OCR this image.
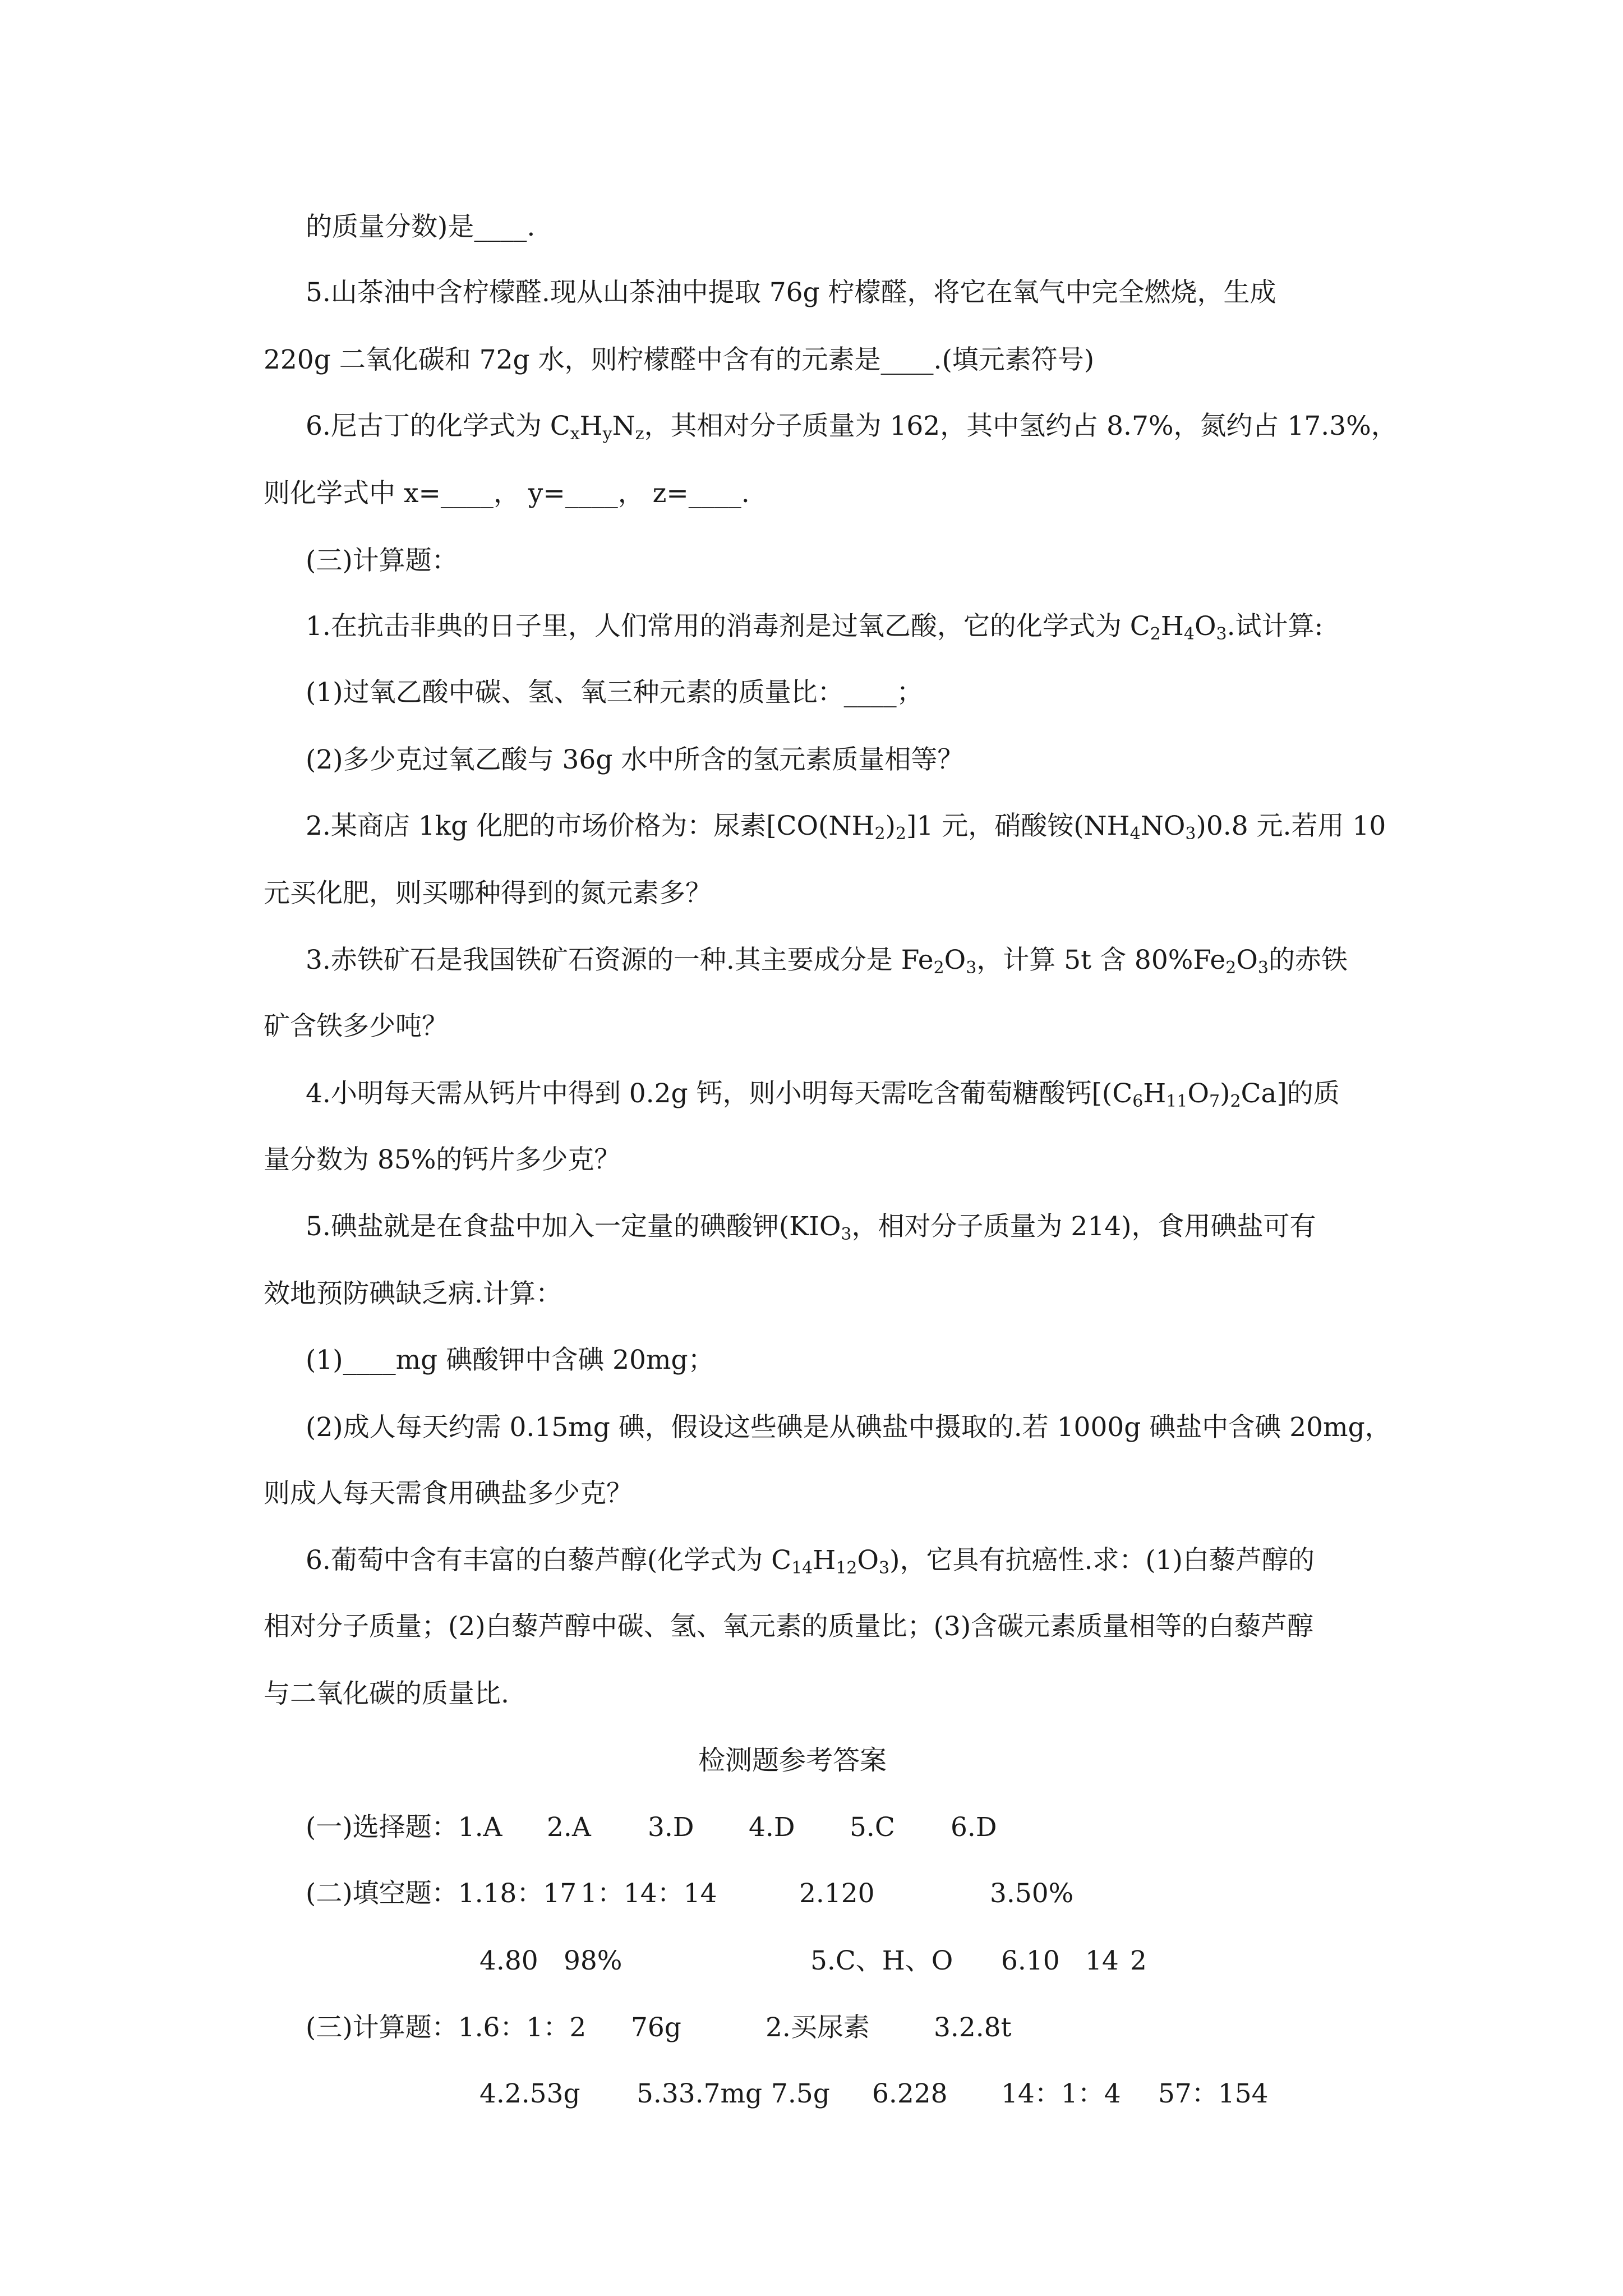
的质量分数)是____.
5.山茶油中含柠檬醛.现从山茶油中提取 76g 柠檬醛，将它在氧气中完全燃烧，生成
220g 二氧化碳和 72g 水，则柠檬醛中含有的元素是____.(填元素符号)
6.尼古丁的化学式为 $C_xH_yN_z$，其相对分子质量为 162，其中氢约占 8.7%，氮约占 17.3%，
则化学式中 x=____， y=____， z=____.
(三)计算题：
1.在抗击非典的日子里，人们常用的消毒剂是过氧乙酸，它的化学式为 $C_2H_4O_3$.试计算:
(1)过氧乙酸中碳、氢、氧三种元素的质量比：____；
(2)多少克过氧乙酸与 36g 水中所含的氢元素质量相等？
2.某商店 1kg 化肥的市场价格为：尿素$[CO(NH_2)_2]1$ 元，硝酸铵$(NH_4NO_3)0.8$ 元.若用 10
元买化肥，则买哪种得到的氮元素多？
3.赤铁矿石是我国铁矿石资源的一种.其主要成分是 $Fe_2O_3$，计算 5t 含 $80\%Fe_2O_3$的赤铁
矿含铁多少吨？
4.小明每天需从钙片中得到 0.2g 钙，则小明每天需吃含葡萄糖酸钙$[(C_6H_{11}O_7)_2Ca]$的质
量分数为 85%的钙片多少克？
5.碘盐就是在食盐中加入一定量的碘酸钾($KIO_3$，相对分子质量为 214)，食用碘盐可有
效地预防碘缺乏病.计算：
(1)____mg 碘酸钾中含碘 20mg；
(2)成人每天约需 0.15mg 碘，假设这些碘是从碘盐中摄取的.若 1000g 碘盐中含碘 20mg，
则成人每天需食用碘盐多少克？
6.葡萄中含有丰富的白藜芦醇(化学式为 $C_{14}H_{12}O_3$)，它具有抗癌性.求：(1)白藜芦醇的
相对分子质量；(2)白藜芦醇中碳、氢、氧元素的质量比；(3)含碳元素质量相等的白藜芦醇
与二氧化碳的质量比.
检测题参考答案
(一)选择题：1.A 2.A 3.D 4.D 5.C 6.D
(二)填空题：1.18：17 1：14：14	2.120	3.50%
4.80 98%	5.C、H、O 6.10 14 2
(三)计算题：1.6：1：2 76g	2.买尿素 3.2.8t
4.2.53g 5.33.7mg 7.5g 6.228 14：1：4 57：154
